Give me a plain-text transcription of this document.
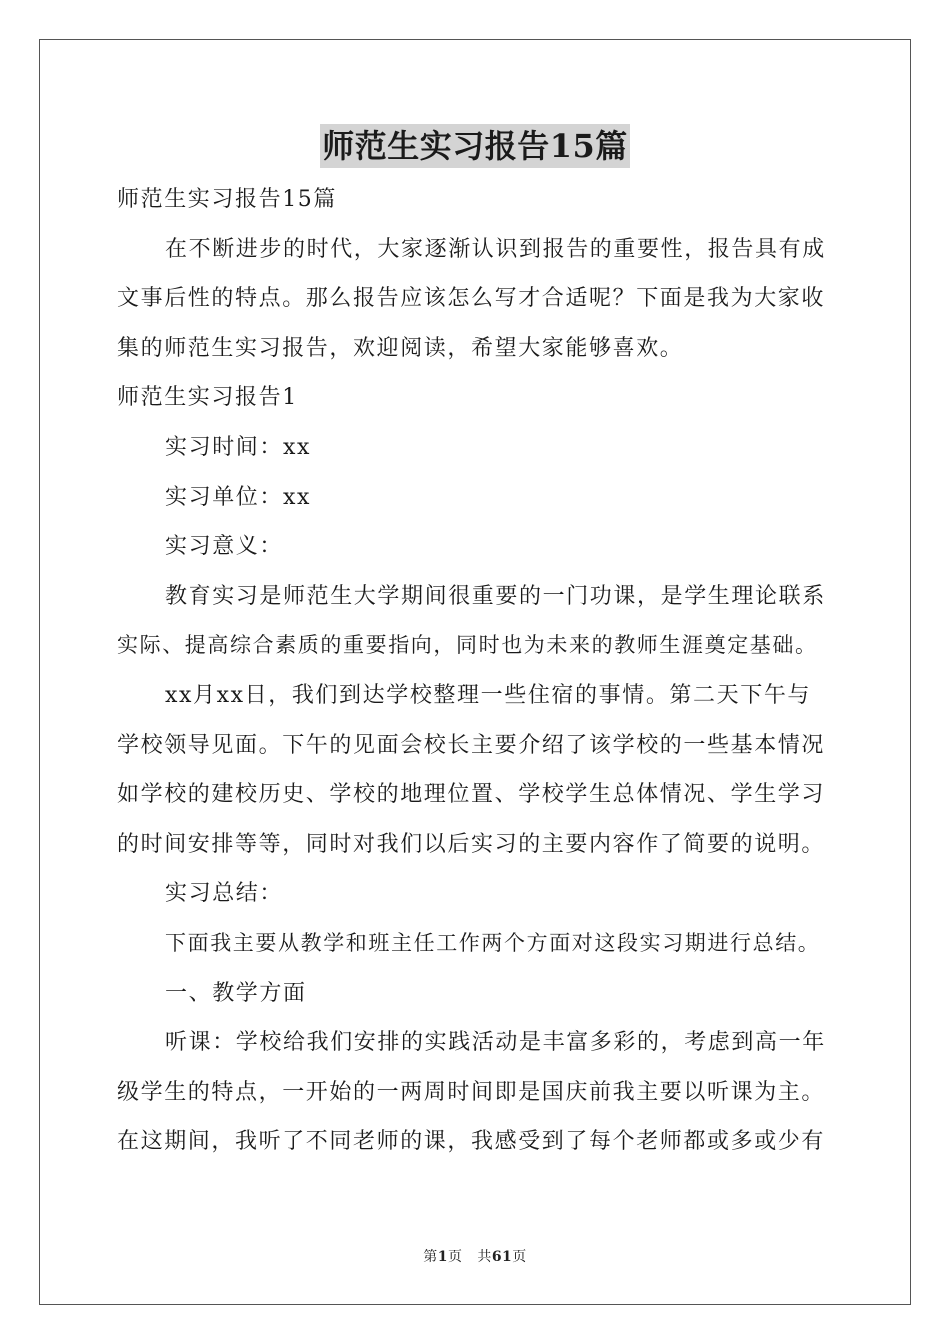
师范生实习报告15篇

师范生实习报告15篇

在不断进步的时代，大家逐渐认识到报告的重要性，报告具有成

文事后性的特点。那么报告应该怎么写才合适呢？下面是我为大家收

集的师范生实习报告，欢迎阅读，希望大家能够喜欢。

师范生实习报告1

实习时间：xx

实习单位：xx

实习意义：

教育实习是师范生大学期间很重要的一门功课，是学生理论联系

实际、提高综合素质的重要指向，同时也为未来的教师生涯奠定基础。

xx月xx日，我们到达学校整理一些住宿的事情。第二天下午与

学校领导见面。下午的见面会校长主要介绍了该学校的一些基本情况

如学校的建校历史、学校的地理位置、学校学生总体情况、学生学习

的时间安排等等，同时对我们以后实习的主要内容作了简要的说明。

实习总结：

下面我主要从教学和班主任工作两个方面对这段实习期进行总结。

一、教学方面

听课：学校给我们安排的实践活动是丰富多彩的，考虑到高一年

级学生的特点，一开始的一两周时间即是国庆前我主要以听课为主。

在这期间，我听了不同老师的课，我感受到了每个老师都或多或少有

第1页 共61页
